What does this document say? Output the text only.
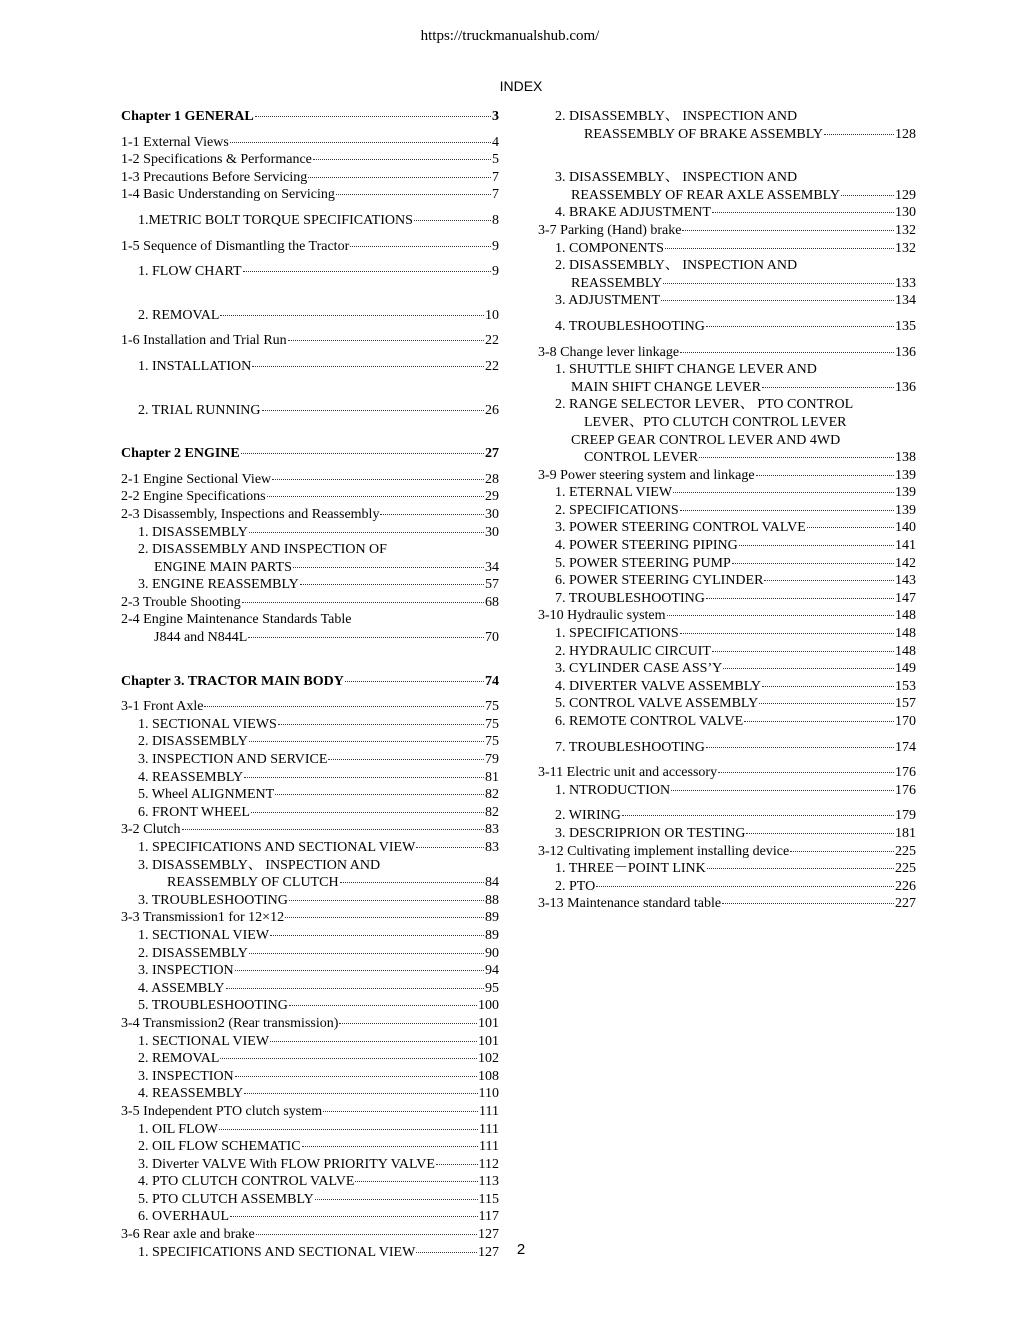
https://truckmanualshub.com/
INDEX
Chapter 1 GENERAL	3
1-1 External Views	4
1-2 Specifications & Performance	5
1-3 Precautions Before Servicing	7
1-4 Basic Understanding on Servicing	7
1.METRIC BOLT TORQUE SPECIFICATIONS	8
1-5 Sequence of Dismantling the Tractor	9
1. FLOW CHART	9
2. REMOVAL	10
1-6 Installation and Trial Run	22
1. INSTALLATION	22
2. TRIAL RUNNING	26
Chapter 2 ENGINE	27
2-1 Engine Sectional View	28
2-2 Engine Specifications	29
2-3 Disassembly, Inspections and Reassembly	30
1. DISASSEMBLY	30
2. DISASSEMBLY AND INSPECTION OF
ENGINE MAIN PARTS	34
3. ENGINE REASSEMBLY	57
2-3 Trouble Shooting	68
2-4 Engine Maintenance Standards Table
J844 and N844L	70
Chapter 3. TRACTOR MAIN BODY	74
3-1 Front Axle	75
1. SECTIONAL VIEWS	75
2. DISASSEMBLY	75
3. INSPECTION AND SERVICE	79
4. REASSEMBLY	81
5. Wheel ALIGNMENT	82
6. FRONT WHEEL	82
3-2 Clutch	83
1. SPECIFICATIONS AND SECTIONAL VIEW	83
3. DISASSEMBLY、 INSPECTION AND
REASSEMBLY OF CLUTCH	84
3. TROUBLESHOOTING	88
3-3 Transmission1 for 12×12	89
1. SECTIONAL VIEW	89
2. DISASSEMBLY	90
3. INSPECTION	94
4. ASSEMBLY	95
5. TROUBLESHOOTING	100
3-4 Transmission2 (Rear transmission)	101
1. SECTIONAL VIEW	101
2. REMOVAL	102
3. INSPECTION	108
4. REASSEMBLY	110
3-5 Independent PTO clutch system	111
1. OIL FLOW	111
2. OIL FLOW SCHEMATIC	111
3. Diverter VALVE With FLOW PRIORITY VALVE	112
4. PTO CLUTCH CONTROL VALVE	113
5. PTO CLUTCH ASSEMBLY	115
6. OVERHAUL	117
3-6 Rear axle and brake	127
1. SPECIFICATIONS AND SECTIONAL VIEW	127
2. DISASSEMBLY、 INSPECTION AND
REASSEMBLY OF BRAKE ASSEMBLY	128
3. DISASSEMBLY、 INSPECTION AND
REASSEMBLY OF REAR AXLE ASSEMBLY	129
4. BRAKE ADJUSTMENT	130
3-7 Parking (Hand) brake	132
1. COMPONENTS	132
2. DISASSEMBLY、 INSPECTION AND
REASSEMBLY	133
3. ADJUSTMENT	134
4. TROUBLESHOOTING	135
3-8 Change lever linkage	136
1. SHUTTLE SHIFT CHANGE LEVER AND
MAIN SHIFT CHANGE LEVER	136
2. RANGE SELECTOR LEVER、 PTO CONTROL
LEVER、PTO CLUTCH CONTROL LEVER
CREEP GEAR CONTROL LEVER AND 4WD
CONTROL LEVER	138
3-9 Power steering system and linkage	139
1. ETERNAL VIEW	139
2. SPECIFICATIONS	139
3. POWER STEERING CONTROL VALVE	140
4. POWER STEERING PIPING	141
5. POWER STEERING PUMP	142
6. POWER STEERING CYLINDER	143
7. TROUBLESHOOTING	147
3-10 Hydraulic system	148
1. SPECIFICATIONS	148
2. HYDRAULIC CIRCUIT	148
3. CYLINDER CASE ASS’Y	149
4. DIVERTER VALVE ASSEMBLY	153
5. CONTROL VALVE ASSEMBLY	157
6. REMOTE CONTROL VALVE	170
7. TROUBLESHOOTING	174
3-11 Electric unit and accessory	176
1. NTRODUCTION	176
2. WIRING	179
3. DESCRIPRION OR TESTING	181
3-12 Cultivating implement installing device	225
1. THREE－POINT LINK	225
2. PTO	226
3-13 Maintenance standard table	227
2
